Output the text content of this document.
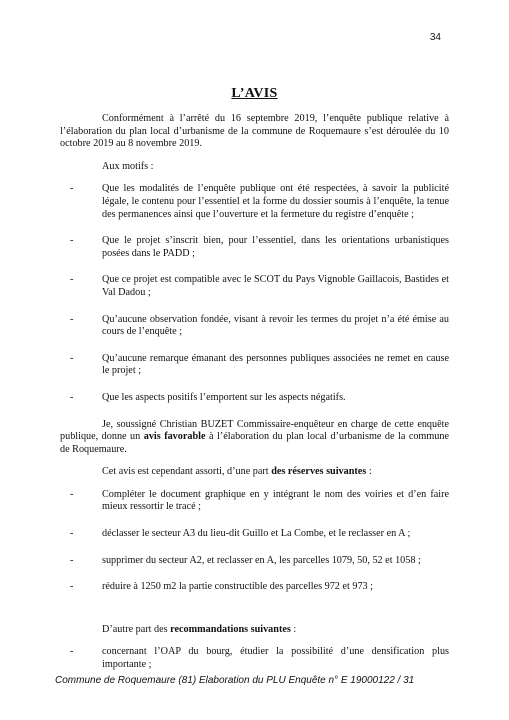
34
L’AVIS

Conformément à l’arrêté du 16 septembre 2019, l’enquête publique relative à l’élaboration du plan local d’urbanisme de la commune de Roquemaure s’est déroulée du 10 octobre 2019 au 8 novembre 2019.

Aux motifs :

- Que les modalités de l’enquête publique ont été respectées, à savoir la publicité légale, le contenu pour l’essentiel et la forme du dossier soumis à l’enquête, la tenue des permanences ainsi que l’ouverture et la fermeture du registre d’enquête ;
- Que le projet s’inscrit bien, pour l’essentiel, dans les orientations urbanistiques posées dans le PADD ;
- Que ce projet est compatible avec le SCOT du Pays Vignoble Gaillacois, Bastides et Val Dadou ;
- Qu’aucune observation fondée, visant à revoir les termes du projet n’a été émise au cours de l’enquête ;
- Qu’aucune remarque émanant des personnes publiques associées ne remet en cause le projet ;
- Que les aspects positifs l’emportent sur les aspects négatifs.

Je, soussigné Christian BUZET Commissaire-enquêteur en charge de cette enquête publique, donne un avis favorable à l’élaboration du plan local d’urbanisme de la commune de Roquemaure.

Cet avis est cependant assorti, d’une part des réserves suivantes :

- Compléter le document graphique en y intégrant le nom des voiries et d’en faire mieux ressortir le tracé ;
- déclasser le secteur A3 du lieu-dit Guillo et La Combe, et le reclasser en A ;
- supprimer du secteur A2, et reclasser en A, les parcelles 1079, 50, 52 et 1058 ;
- réduire à 1250 m2 la partie constructible des parcelles 972 et 973 ;

D’autre part des recommandations suivantes :

- concernant l’OAP du bourg, étudier la possibilité d’une densification plus importante ;
Commune de Roquemaure (81) Elaboration du PLU Enquête n° E 19000122 / 31
